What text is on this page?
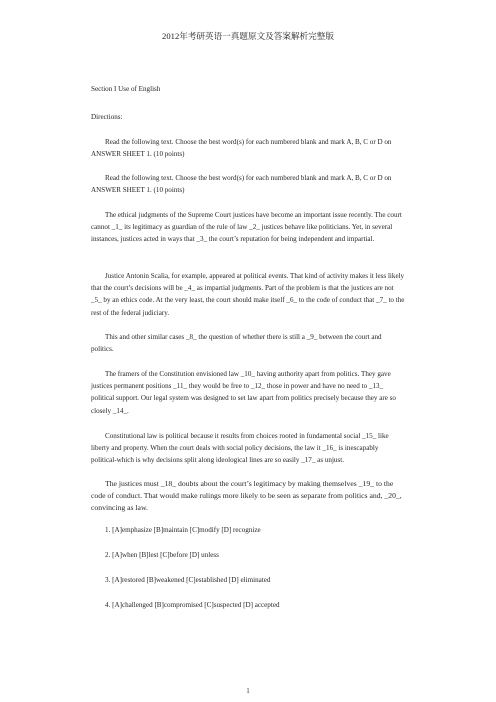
2012年考研英语一真题原文及答案解析完整版
Section I Use of English
Directions:

Read the following text. Choose the best word(s) for each numbered blank and mark A, B, C or D on ANSWER SHEET 1. (10 points)

Read the following text. Choose the best word(s) for each numbered blank and mark A, B, C or D on ANSWER SHEET 1. (10 points)

The ethical judgments of the Supreme Court justices have become an important issue recently. The court cannot _1_ its legitimacy as guardian of the rule of law _2_ justices behave like politicians. Yet, in several instances, justices acted in ways that _3_ the court’s reputation for being independent and impartial.

Justice Antonin Scalia, for example, appeared at political events. That kind of activity makes it less likely that the court’s decisions will be _4_ as impartial judgments. Part of the problem is that the justices are not _5_ by an ethics code. At the very least, the court should make itself _6_ to the code of conduct that _7_ to the rest of the federal judiciary.

This and other similar cases _8_ the question of whether there is still a _9_ between the court and politics.

The framers of the Constitution envisioned law _10_ having authority apart from politics. They gave justices permanent positions _11_ they would be free to _12_ those in power and have no need to _13_ political support. Our legal system was designed to set law apart from politics precisely because they are so closely _14_.

Constitutional law is political because it results from choices rooted in fundamental social _15_ like liberty and property. When the court deals with social policy decisions, the law it _16_ is inescapably political-which is why decisions split along ideological lines are so easily _17_ as unjust.

The justices must _18_ doubts about the court’s legitimacy by making themselves _19_ to the code of conduct. That would make rulings more likely to be seen as separate from politics and, _20_, convincing as law.

1. [A]emphasize [B]maintain [C]modify [D] recognize
2. [A]when [B]lest [C]before [D] unless
3. [A]restored [B]weakened [C]established [D] eliminated
4. [A]challenged [B]compromised [C]suspected [D] accepted
1
